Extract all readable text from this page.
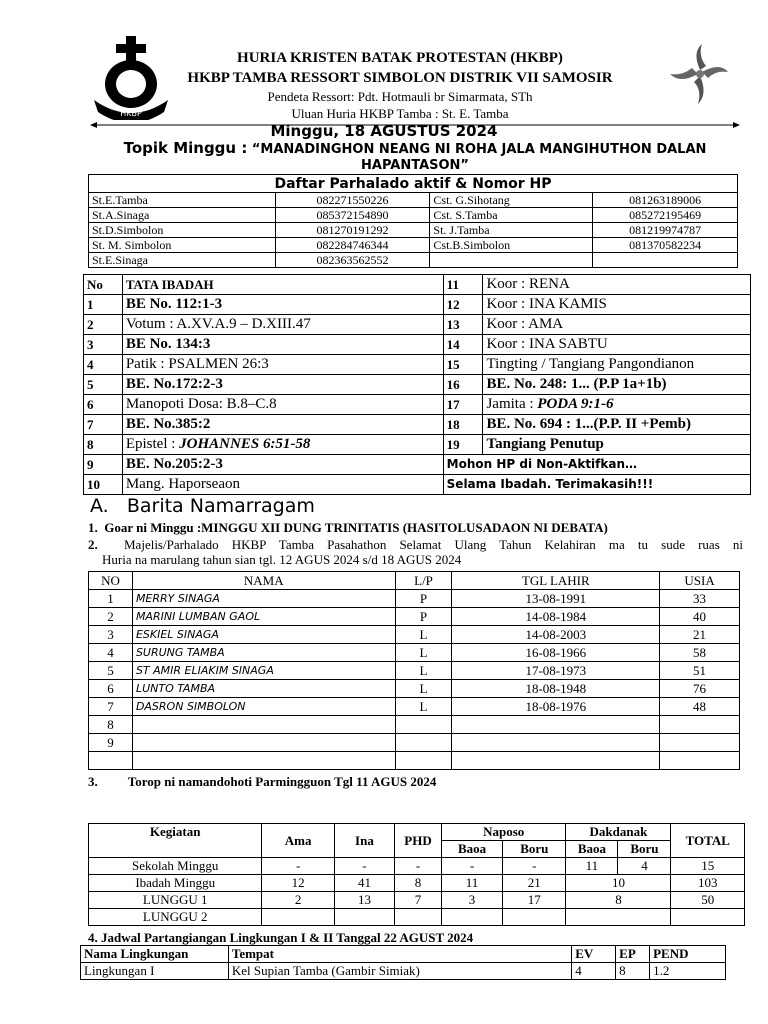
HKBP
HURIA KRISTEN BATAK PROTESTAN (HKBP)
HKBP TAMBA RESSORT SIMBOLON DISTRIK VII SAMOSIR
Pendeta Ressort: Pdt. Hotmauli br Simarmata, STh
Uluan Huria HKBP Tamba : St. E. Tamba
Minggu, 18 AGUSTUS 2024
Topik Minggu : “MANADINGHON NEANG NI ROHA JALA MANGIHUTHON DALAN HAPANTASON”
Daftar Parhalado aktif & Nomor HP			
St.E.Tamba	082271550226	Cst. G.Sihotang	081263189006
St.A.Sinaga	085372154890	Cst. S.Tamba	085272195469
St.D.Simbolon	081270191292	St. J.Tamba	081219974787
St. M. Simbolon	082284746344	Cst.B.Simbolon	081370582234
St.E.Sinaga	082363562552		
No	TATA IBADAH	11	Koor : RENA
1	BE No. 112:1-3	12	Koor : INA KAMIS
2	Votum : A.XV.A.9 – D.XIII.47	13	Koor : AMA
3	BE No. 134:3	14	Koor : INA SABTU
4	Patik : PSALMEN 26:3	15	Tingting / Tangiang Pangondianon
5	BE. No.172:2-3	16	BE. No. 248: 1... (P.P 1a+1b)
6	Manopoti Dosa: B.8–C.8	17	Jamita : PODA 9:1-6
7	BE. No.385:2	18	BE. No. 694 : 1...(P.P. II +Pemb)
8	Epistel : JOHANNES 6:51-58	19	Tangiang Penutup
9	BE. No.205:2-3	Mohon HP di Non-Aktifkan…	
10	Mang. Haporseaon	Selama Ibadah. Terimakasih!!!	
A. Barita Namarragam
1. Goar ni Minggu :MINGGU XII DUNG TRINITATIS (HASITOLUSADAON NI DEBATA)
2. Majelis/Parhalado HKBP Tamba Pasahathon Selamat Ulang Tahun Kelahiran ma tu sude ruas ni
Huria na marulang tahun sian tgl. 12 AGUS 2024 s/d 18 AGUS 2024
NO	NAMA	L/P	TGL LAHIR	USIA
1	MERRY SINAGA	P	13-08-1991	33
2	MARINI LUMBAN GAOL	P	14-08-1984	40
3	ESKIEL SINAGA	L	14-08-2003	21
4	SURUNG TAMBA	L	16-08-1966	58
5	ST AMIR ELIAKIM SINAGA	L	17-08-1973	51
6	LUNTO TAMBA	L	18-08-1948	76
7	DASRON SIMBOLON	L	18-08-1976	48
8				
9				

3. Torop ni namandohoti Parmingguon Tgl 11 AGUS 2024
Kegiatan	Ama	Ina	PHD	Naposo		Dakdanak		TOTAL
				Baoa	Boru	Baoa	Boru	
Sekolah Minggu	-	-	-	-	-	11	4	15
Ibadah Minggu	12	41	8	11	21	10		103
LUNGGU 1	2	13	7	3	17	8		50
LUNGGU 2								
4. Jadwal Partangiangan Lingkungan I & II Tanggal 22 AGUST 2024
Nama Lingkungan	Tempat	EV	EP	PEND
Lingkungan I	Kel Supian Tamba (Gambir Simiak)	4	8	1.2
